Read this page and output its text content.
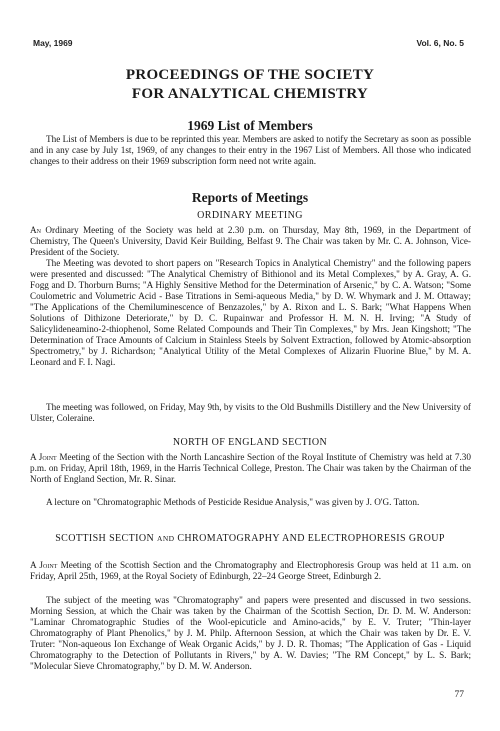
May, 1969	Vol. 6, No. 5
PROCEEDINGS OF THE SOCIETY
FOR ANALYTICAL CHEMISTRY
1969 List of Members

The List of Members is due to be reprinted this year. Members are asked to notify the Secretary as soon as possible and in any case by July 1st, 1969, of any changes to their entry in the 1967 List of Members. All those who indicated changes to their address on their 1969 subscription form need not write again.

Reports of Meetings
ORDINARY MEETING

An Ordinary Meeting of the Society was held at 2.30 p.m. on Thursday, May 8th, 1969, in the Department of Chemistry, The Queen's University, David Keir Building, Belfast 9. The Chair was taken by Mr. C. A. Johnson, Vice-President of the Society.

The Meeting was devoted to short papers on "Research Topics in Analytical Chemistry" and the following papers were presented and discussed: "The Analytical Chemistry of Bithionol and its Metal Complexes," by A. Gray, A. G. Fogg and D. Thorburn Burns; "A Highly Sensitive Method for the Determination of Arsenic," by C. A. Watson; "Some Coulometric and Volumetric Acid - Base Titrations in Semi-aqueous Media," by D. W. Whymark and J. M. Ottaway; "The Applications of the Chemiluminescence of Benzazoles," by A. Rixon and L. S. Bark; "What Happens When Solutions of Dithizone Deteriorate," by D. C. Rupainwar and Professor H. M. N. H. Irving; "A Study of Salicylideneamino-2-thiophenol, Some Related Compounds and Their Tin Complexes," by Mrs. Jean Kingshott; "The Determination of Trace Amounts of Calcium in Stainless Steels by Solvent Extraction, followed by Atomic-absorption Spectrometry," by J. Richardson; "Analytical Utility of the Metal Complexes of Alizarin Fluorine Blue," by M. A. Leonard and F. I. Nagi.

The meeting was followed, on Friday, May 9th, by visits to the Old Bushmills Distillery and the New University of Ulster, Coleraine.

NORTH OF ENGLAND SECTION

A Joint Meeting of the Section with the North Lancashire Section of the Royal Institute of Chemistry was held at 7.30 p.m. on Friday, April 18th, 1969, in the Harris Technical College, Preston. The Chair was taken by the Chairman of the North of England Section, Mr. R. Sinar.

A lecture on "Chromatographic Methods of Pesticide Residue Analysis," was given by J. O'G. Tatton.

SCOTTISH SECTION AND CHROMATOGRAPHY AND ELECTROPHORESIS GROUP

A Joint Meeting of the Scottish Section and the Chromatography and Electrophoresis Group was held at 11 a.m. on Friday, April 25th, 1969, at the Royal Society of Edinburgh, 22–24 George Street, Edinburgh 2.

The subject of the meeting was "Chromatography" and papers were presented and discussed in two sessions. Morning Session, at which the Chair was taken by the Chairman of the Scottish Section, Dr. D. M. W. Anderson: "Laminar Chromatographic Studies of the Wool-epicuticle and Amino-acids," by E. V. Truter; "Thin-layer Chromatography of Plant Phenolics," by J. M. Philp. Afternoon Session, at which the Chair was taken by Dr. E. V. Truter: "Non-aqueous Ion Exchange of Weak Organic Acids," by J. D. R. Thomas; "The Application of Gas - Liquid Chromatography to the Detection of Pollutants in Rivers," by A. W. Davies; "The RM Concept," by L. S. Bark; "Molecular Sieve Chromatography," by D. M. W. Anderson.

77
